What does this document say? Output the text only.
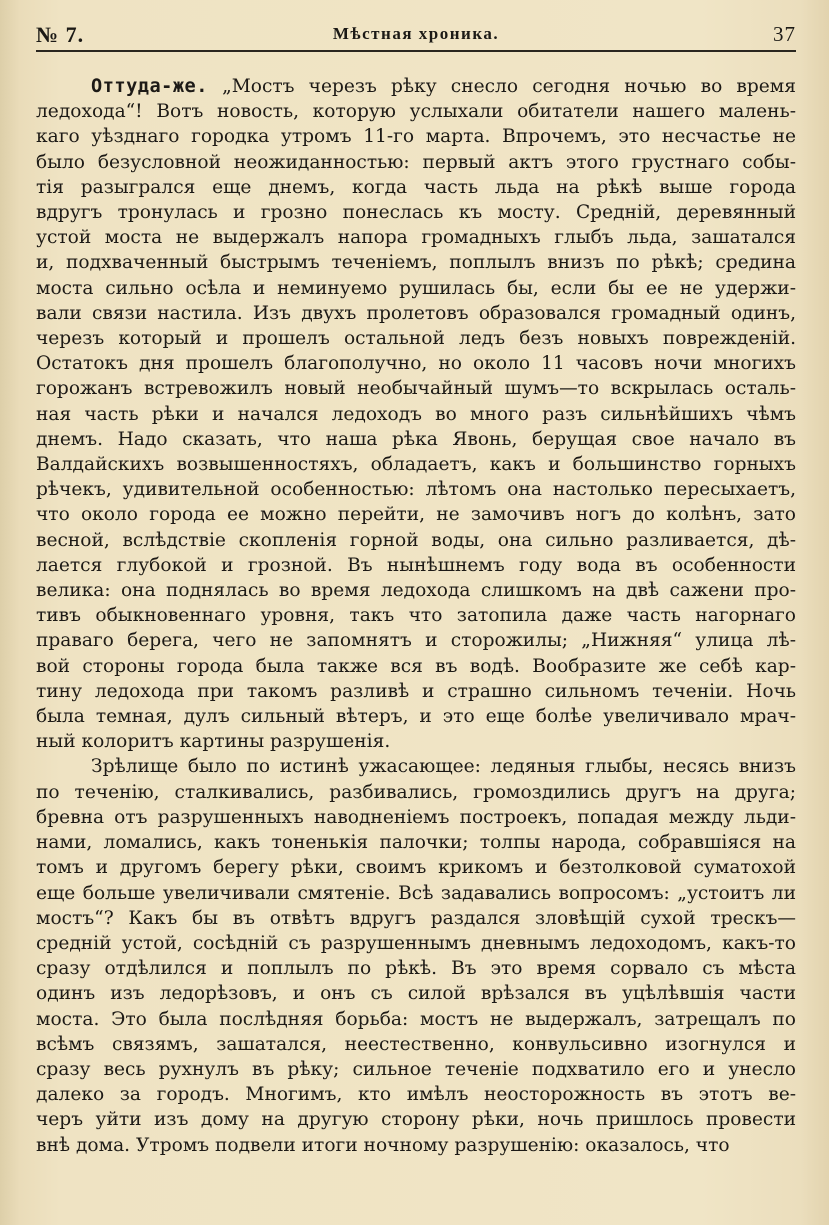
№ 7.	Мѣстная хроника.	37
Оттуда-же. „Мостъ черезъ рѣку снесло сегодня ночью во время
ледохода“! Вотъ новость, которую услыхали обитатели нашего малень-
каго уѣзднаго городка утромъ 11-го марта. Впрочемъ, это несчастье не
было безусловной неожиданностью: первый актъ этого грустнаго собы-
тія разыгрался еще днемъ, когда часть льда на рѣкѣ выше города
вдругъ тронулась и грозно понеслась къ мосту. Средній, деревянный
устой моста не выдержалъ напора громадныхъ глыбъ льда, зашатался
и, подхваченный быстрымъ теченіемъ, поплылъ внизъ по рѣкѣ; средина
моста сильно осѣла и неминуемо рушилась бы, если бы ее не удержи-
вали связи настила. Изъ двухъ пролетовъ образовался громадный одинъ,
черезъ который и прошелъ остальной ледъ безъ новыхъ поврежденій.
Остатокъ дня прошелъ благополучно, но около 11 часовъ ночи многихъ
горожанъ встревожилъ новый необычайный шумъ—то вскрылась осталь-
ная часть рѣки и начался ледоходъ во много разъ сильнѣйшихъ чѣмъ
днемъ. Надо сказать, что наша рѣка Явонь, берущая свое начало въ
Валдайскихъ возвышенностяхъ, обладаетъ, какъ и большинство горныхъ
рѣчекъ, удивительной особенностью: лѣтомъ она настолько пересыхаетъ,
что около города ее можно перейти, не замочивъ ногъ до колѣнъ, зато
весной, вслѣдствіе скопленія горной воды, она сильно разливается, дѣ-
лается глубокой и грозной. Въ нынѣшнемъ году вода въ особенности
велика: она поднялась во время ледохода слишкомъ на двѣ сажени про-
тивъ обыкновеннаго уровня, такъ что затопила даже часть нагорнаго
праваго берега, чего не запомнятъ и сторожилы; „Нижняя“ улица лѣ-
вой стороны города была также вся въ водѣ. Вообразите же себѣ кар-
тину ледохода при такомъ разливѣ и страшно сильномъ теченіи. Ночь
была темная, дулъ сильный вѣтеръ, и это еще болѣе увеличивало мрач-
ный колоритъ картины разрушенія.
Зрѣлище было по истинѣ ужасающее: ледяныя глыбы, несясь внизъ
по теченію, сталкивались, разбивались, громоздились другъ на друга;
бревна отъ разрушенныхъ наводненіемъ построекъ, попадая между льди-
нами, ломались, какъ тоненькія палочки; толпы народа, собравшіяся на
томъ и другомъ берегу рѣки, своимъ крикомъ и безтолковой суматохой
еще больше увеличивали смятеніе. Всѣ задавались вопросомъ: „устоитъ ли
мостъ“? Какъ бы въ отвѣтъ вдругъ раздался зловѣщій сухой трескъ—
средній устой, сосѣдній съ разрушеннымъ дневнымъ ледоходомъ, какъ-то
сразу отдѣлился и поплылъ по рѣкѣ. Въ это время сорвало съ мѣста
одинъ изъ ледорѣзовъ, и онъ съ силой врѣзался въ уцѣлѣвшія части
моста. Это была послѣдняя борьба: мостъ не выдержалъ, затрещалъ по
всѣмъ связямъ, зашатался, неестественно, конвульсивно изогнулся и
сразу весь рухнулъ въ рѣку; сильное теченіе подхватило его и унесло
далеко за городъ. Многимъ, кто имѣлъ неосторожность въ этотъ ве-
черъ уйти изъ дому на другую сторону рѣки, ночь пришлось провести
внѣ дома. Утромъ подвели итоги ночному разрушенію: оказалось, что
